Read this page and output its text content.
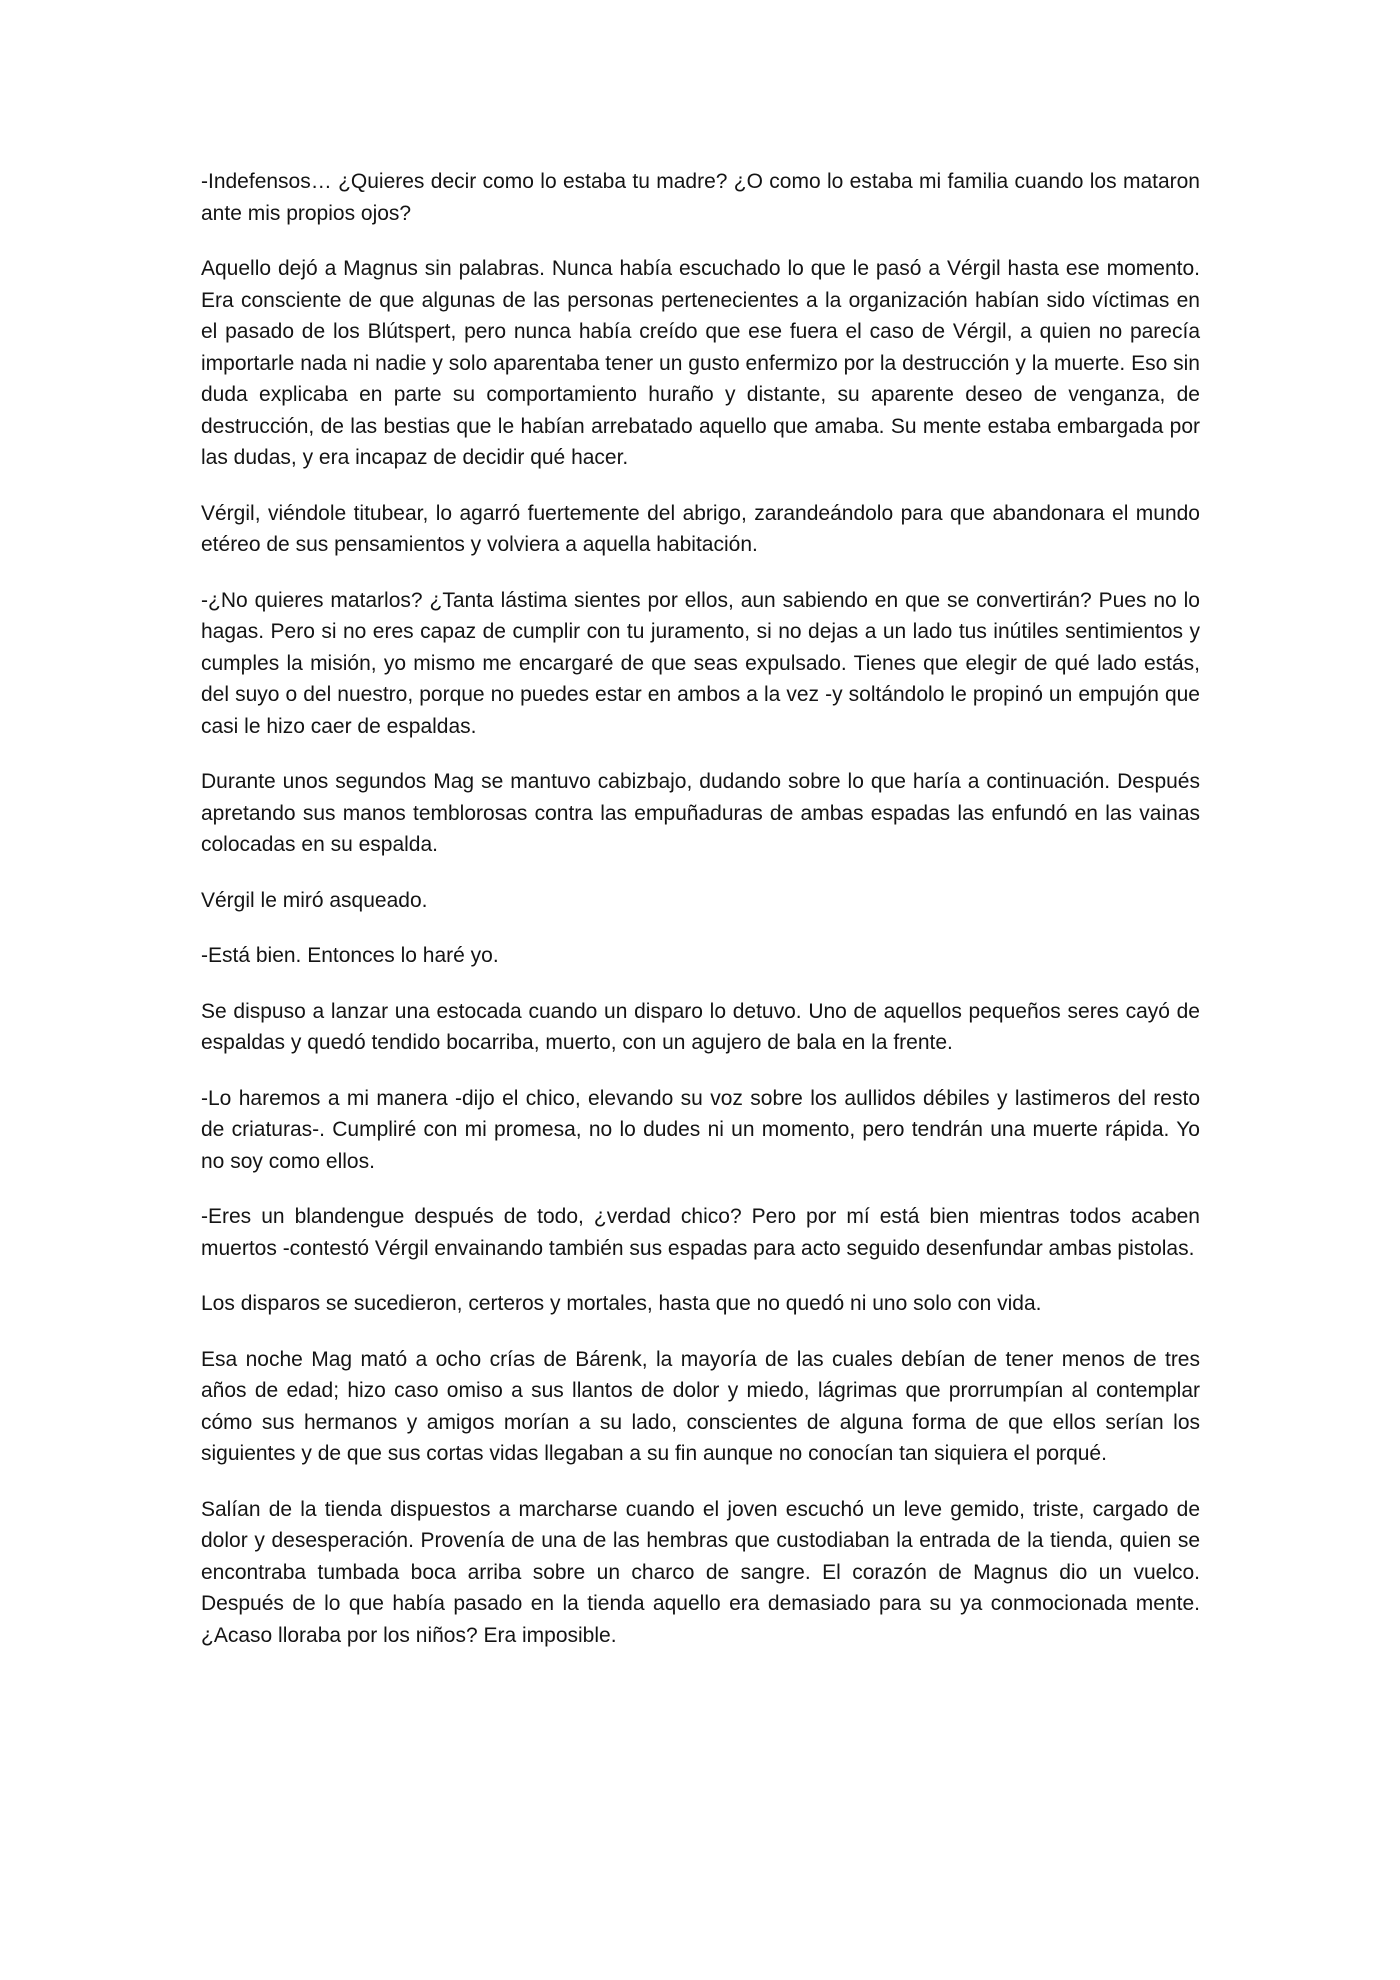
-Indefensos… ¿Quieres decir como lo estaba tu madre? ¿O como lo estaba mi familia cuando los mataron ante mis propios ojos?

Aquello dejó a Magnus sin palabras. Nunca había escuchado lo que le pasó a Vérgil hasta ese momento. Era consciente de que algunas de las personas pertenecientes a la organización habían sido víctimas en el pasado de los Blútspert, pero nunca había creído que ese fuera el caso de Vérgil, a quien no parecía importarle nada ni nadie y solo aparentaba tener un gusto enfermizo por la destrucción y la muerte. Eso sin duda explicaba en parte su comportamiento huraño y distante, su aparente deseo de venganza, de destrucción, de las bestias que le habían arrebatado aquello que amaba. Su mente estaba embargada por las dudas, y era incapaz de decidir qué hacer.

Vérgil, viéndole titubear, lo agarró fuertemente del abrigo, zarandeándolo para que abandonara el mundo etéreo de sus pensamientos y volviera a aquella habitación.

-¿No quieres matarlos? ¿Tanta lástima sientes por ellos, aun sabiendo en que se convertirán? Pues no lo hagas. Pero si no eres capaz de cumplir con tu juramento, si no dejas a un lado tus inútiles sentimientos y cumples la misión, yo mismo me encargaré de que seas expulsado. Tienes que elegir de qué lado estás, del suyo o del nuestro, porque no puedes estar en ambos a la vez -y soltándolo le propinó un empujón que casi le hizo caer de espaldas.

Durante unos segundos Mag se mantuvo cabizbajo, dudando sobre lo que haría a continuación. Después apretando sus manos temblorosas contra las empuñaduras de ambas espadas las enfundó en las vainas colocadas en su espalda.

Vérgil le miró asqueado.

-Está bien. Entonces lo haré yo.

Se dispuso a lanzar una estocada cuando un disparo lo detuvo. Uno de aquellos pequeños seres cayó de espaldas y quedó tendido bocarriba, muerto, con un agujero de bala en la frente.

-Lo haremos a mi manera -dijo el chico, elevando su voz sobre los aullidos débiles y lastimeros del resto de criaturas-. Cumpliré con mi promesa, no lo dudes ni un momento, pero tendrán una muerte rápida. Yo no soy como ellos.

-Eres un blandengue después de todo, ¿verdad chico? Pero por mí está bien mientras todos acaben muertos -contestó Vérgil envainando también sus espadas para acto seguido desenfundar ambas pistolas.

Los disparos se sucedieron, certeros y mortales, hasta que no quedó ni uno solo con vida.

Esa noche Mag mató a ocho crías de Bárenk, la mayoría de las cuales debían de tener menos de tres años de edad; hizo caso omiso a sus llantos de dolor y miedo, lágrimas que prorrumpían al contemplar cómo sus hermanos y amigos morían a su lado, conscientes de alguna forma de que ellos serían los siguientes y de que sus cortas vidas llegaban a su fin aunque no conocían tan siquiera el porqué.

Salían de la tienda dispuestos a marcharse cuando el joven escuchó un leve gemido, triste, cargado de dolor y desesperación. Provenía de una de las hembras que custodiaban la entrada de la tienda, quien se encontraba tumbada boca arriba sobre un charco de sangre. El corazón de Magnus dio un vuelco. Después de lo que había pasado en la tienda aquello era demasiado para su ya conmocionada mente. ¿Acaso lloraba por los niños? Era imposible.
